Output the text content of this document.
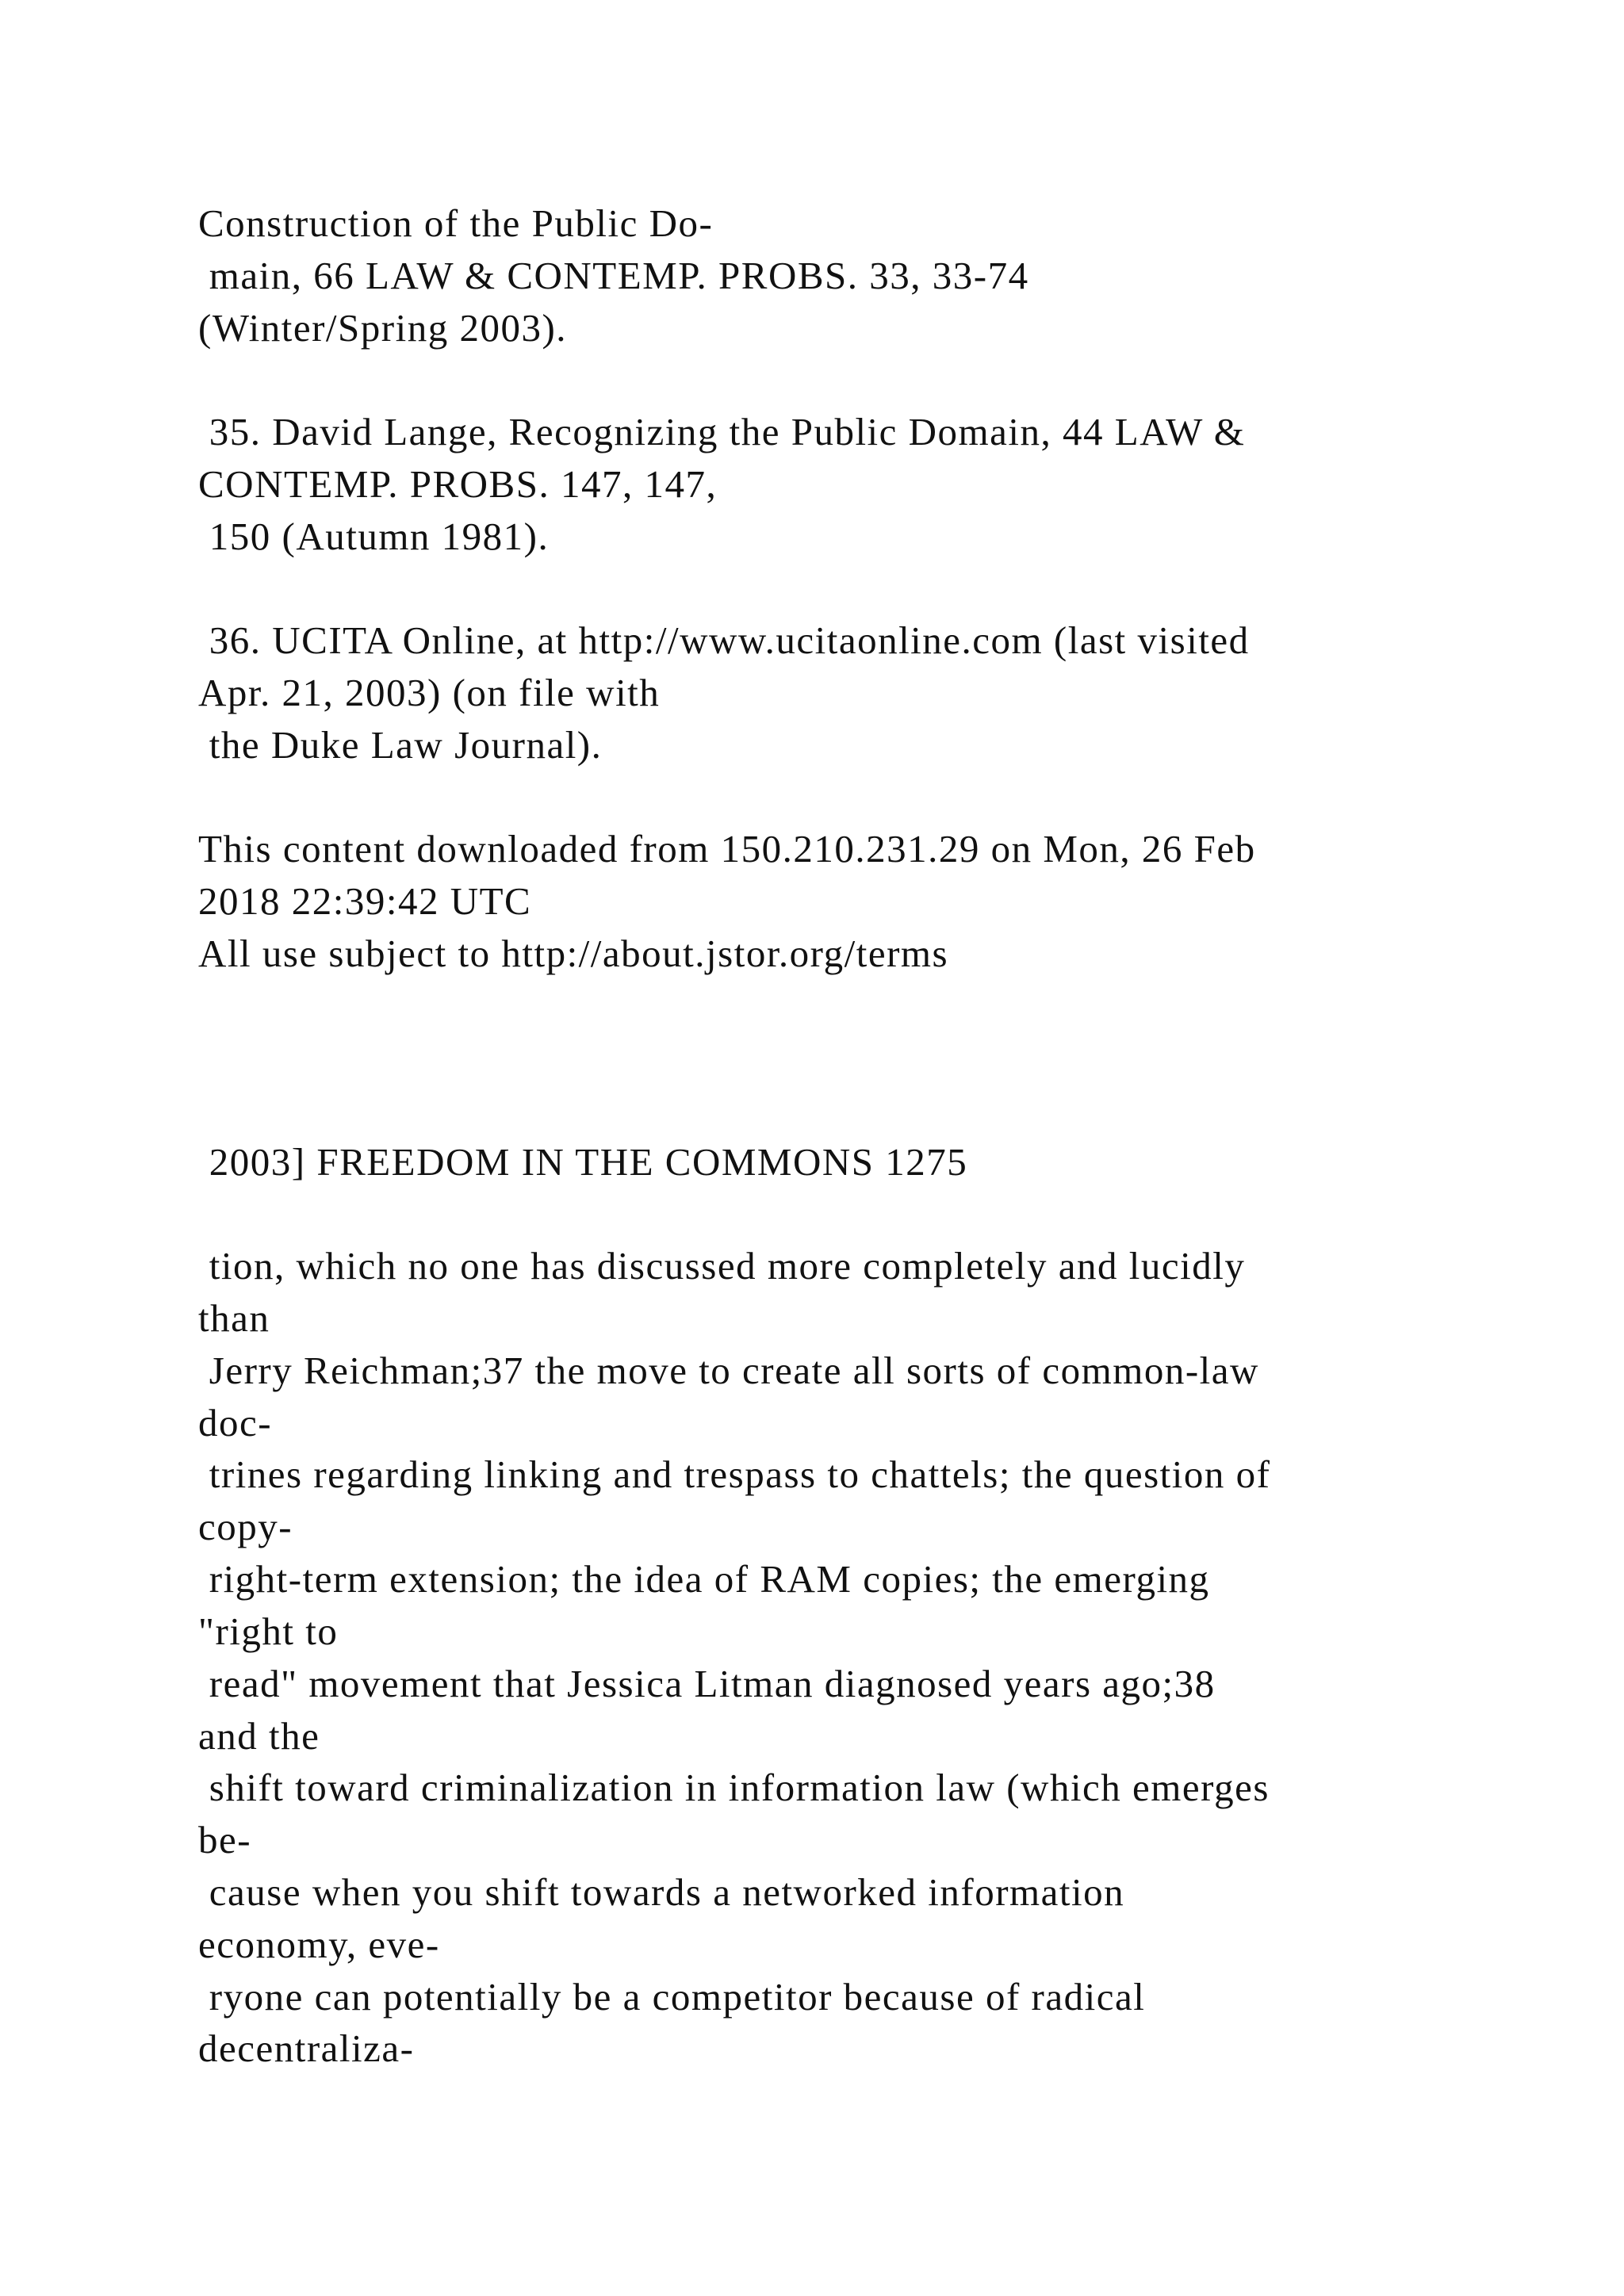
Construction of the Public Do-
main, 66 LAW & CONTEMP. PROBS. 33, 33-74
(Winter/Spring 2003).
35. David Lange, Recognizing the Public Domain, 44 LAW &
CONTEMP. PROBS. 147, 147,
150 (Autumn 1981).
36. UCITA Online, at http://www.ucitaonline.com (last visited
Apr. 21, 2003) (on file with
the Duke Law Journal).
This content downloaded from 150.210.231.29 on Mon, 26 Feb
2018 22:39:42 UTC
All use subject to http://about.jstor.org/terms
2003] FREEDOM IN THE COMMONS 1275
tion, which no one has discussed more completely and lucidly
than
Jerry Reichman;37 the move to create all sorts of common-law
doc-
trines regarding linking and trespass to chattels; the question of
copy-
right-term extension; the idea of RAM copies; the emerging
"right to
read" movement that Jessica Litman diagnosed years ago;38
and the
shift toward criminalization in information law (which emerges
be-
cause when you shift towards a networked information
economy, eve-
ryone can potentially be a competitor because of radical
decentraliza-
